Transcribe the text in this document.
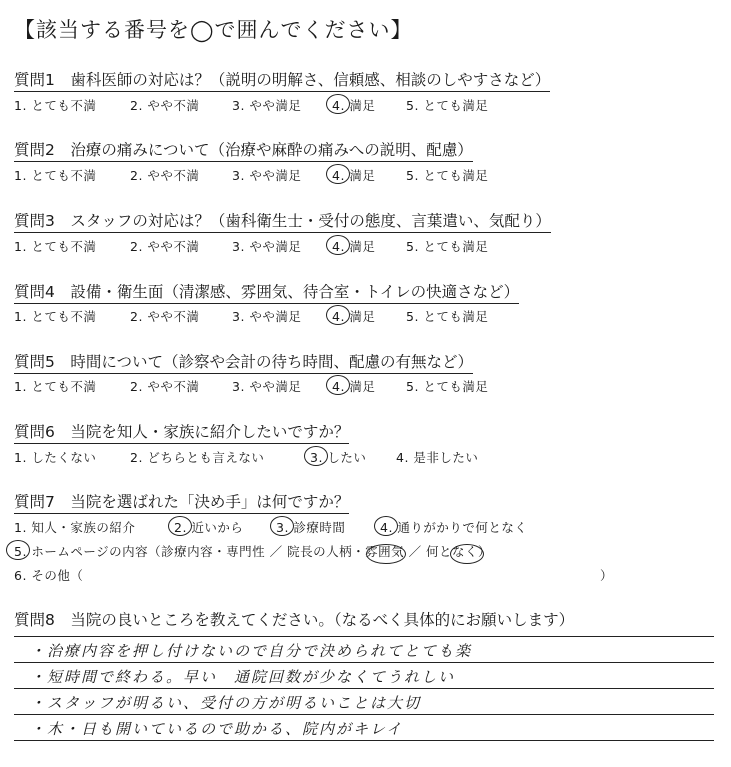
【該当する番号を◯で囲んでください】
質問1　歯科医師の対応は？（説明の明解さ、信頼感、相談のしやすさなど）
1. とても不満	2. やや不満	3. やや満足 4. 満足 5. とても満足
質問2　治療の痛みについて（治療や麻酔の痛みへの説明、配慮）
1. とても不満	2. やや不満	3. やや満足 4. 満足 5. とても満足
質問3　スタッフの対応は？（歯科衛生士・受付の態度、言葉遣い、気配り）
1. とても不満	2. やや不満	3. やや満足 4. 満足 5. とても満足
質問4　設備・衛生面（清潔感、雰囲気、待合室・トイレの快適さなど）
1. とても不満	2. やや不満	3. やや満足 4. 満足 5. とても満足
質問5　時間について（診察や会計の待ち時間、配慮の有無など）
1. とても不満	2. やや不満	3. やや満足 4. 満足 5. とても満足
質問6　当院を知人・家族に紹介したいですか？
1. したくない	2. どちらとも言えない	3. したい 4. 是非したい
質問7　当院を選ばれた「決め手」は何ですか？
1. 知人・家族の紹介	2. 近いから	3. 診療時間	4. 通りがかりで何となく
5. ホームページの内容（診療内容・専門性 ／ 院長の人柄・雰囲気 ／ 何となく）
6. その他（	）
質問8　当院の良いところを教えてください。（なるべく具体的にお願いします）
・治療内容を押し付けないので自分で決められてとても楽
・短時間で終わる。早い　通院回数が少なくてうれしい
・スタッフが明るい、受付の方が明るいことは大切
・木・日も開いているので助かる、院内がキレイ
